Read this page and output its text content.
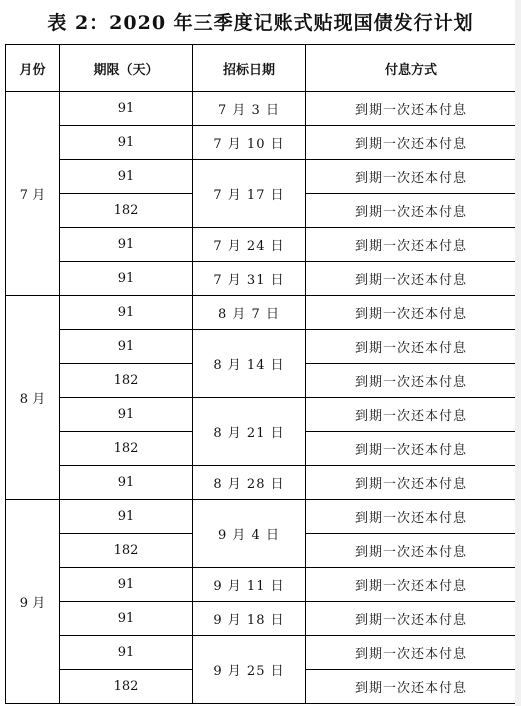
表 2：2020 年三季度记账式贴现国债发行计划
月份	期限（天）	招标日期	付息方式
7 月	91	7 月 3 日	到期一次还本付息
	91	7 月 10 日	到期一次还本付息
	91	7 月 17 日	到期一次还本付息
	182		到期一次还本付息
	91	7 月 24 日	到期一次还本付息
	91	7 月 31 日	到期一次还本付息
8 月	91	8 月 7 日	到期一次还本付息
	91	8 月 14 日	到期一次还本付息
	182		到期一次还本付息
	91	8 月 21 日	到期一次还本付息
	182		到期一次还本付息
	91	8 月 28 日	到期一次还本付息
9 月	91	9 月 4 日	到期一次还本付息
	182		到期一次还本付息
	91	9 月 11 日	到期一次还本付息
	91	9 月 18 日	到期一次还本付息
	91	9 月 25 日	到期一次还本付息
	182		到期一次还本付息
